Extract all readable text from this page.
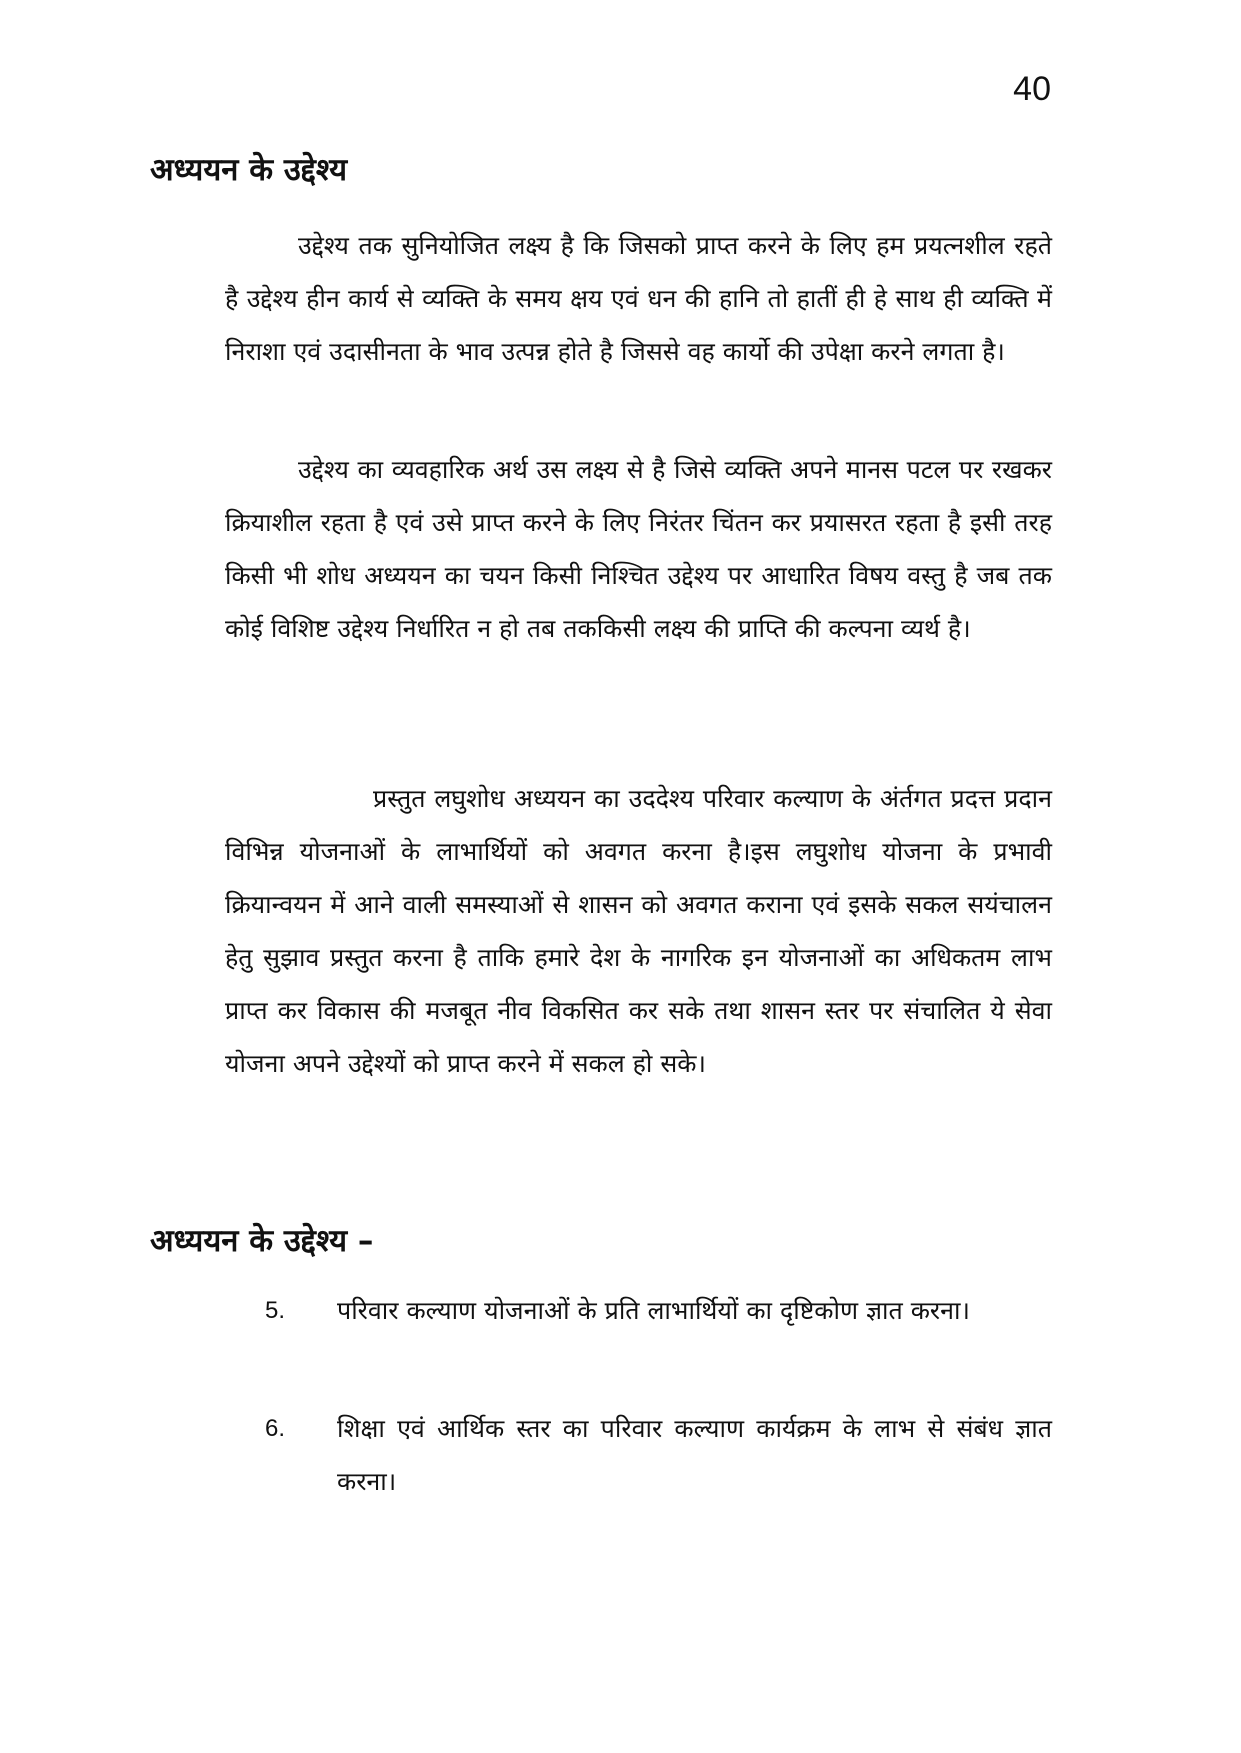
40
अध्ययन के उद्देश्य

उद्देश्य तक सुनियोजित लक्ष्य है कि जिसको प्राप्त करने के लिए हम प्रयत्नशील रहते है उद्देश्य हीन कार्य से व्यक्ति के समय क्षय एवं धन की हानि तो हातीं ही हे साथ ही व्यक्ति में निराशा एवं उदासीनता के भाव उत्पन्न होते है जिससे वह कार्यो की उपेक्षा करने लगता है।

उद्देश्य का व्यवहारिक अर्थ उस लक्ष्य से है जिसे व्यक्ति अपने मानस पटल पर रखकर क्रियाशील रहता है एवं उसे प्राप्त करने के लिए निरंतर चिंतन कर प्रयासरत रहता है इसी तरह किसी भी शोध अध्ययन का चयन किसी निश्चित उद्देश्य पर आधारित विषय वस्तु है जब तक कोई विशिष्ट उद्देश्य निर्धारित न हो तब तककिसी लक्ष्य की प्राप्ति की कल्पना व्यर्थ है।

प्रस्तुत लघुशोध अध्ययन का उददेश्य परिवार कल्याण के अंर्तगत प्रदत्त प्रदान विभिन्न योजनाओं के लाभार्थियों को अवगत करना है।इस लघुशोध योजना के प्रभावी क्रियान्वयन में आने वाली समस्याओं से शासन को अवगत कराना एवं इसके सकल सयंचालन हेतु सुझाव प्रस्तुत करना है ताकि हमारे देश के नागरिक इन योजनाओं का अधिकतम लाभ प्राप्त कर विकास की मजबूत नीव विकसित कर सके तथा शासन स्तर पर संचालित ये सेवा योजना अपने उद्देश्यों को प्राप्त करने में सकल हो सके।

अध्ययन के उद्देश्य –
5. परिवार कल्याण योजनाओं के प्रति लाभार्थियों का दृष्टिकोण ज्ञात करना।

6. शिक्षा एवं आर्थिक स्तर का परिवार कल्याण कार्यक्रम के लाभ से संबंध ज्ञात करना।
